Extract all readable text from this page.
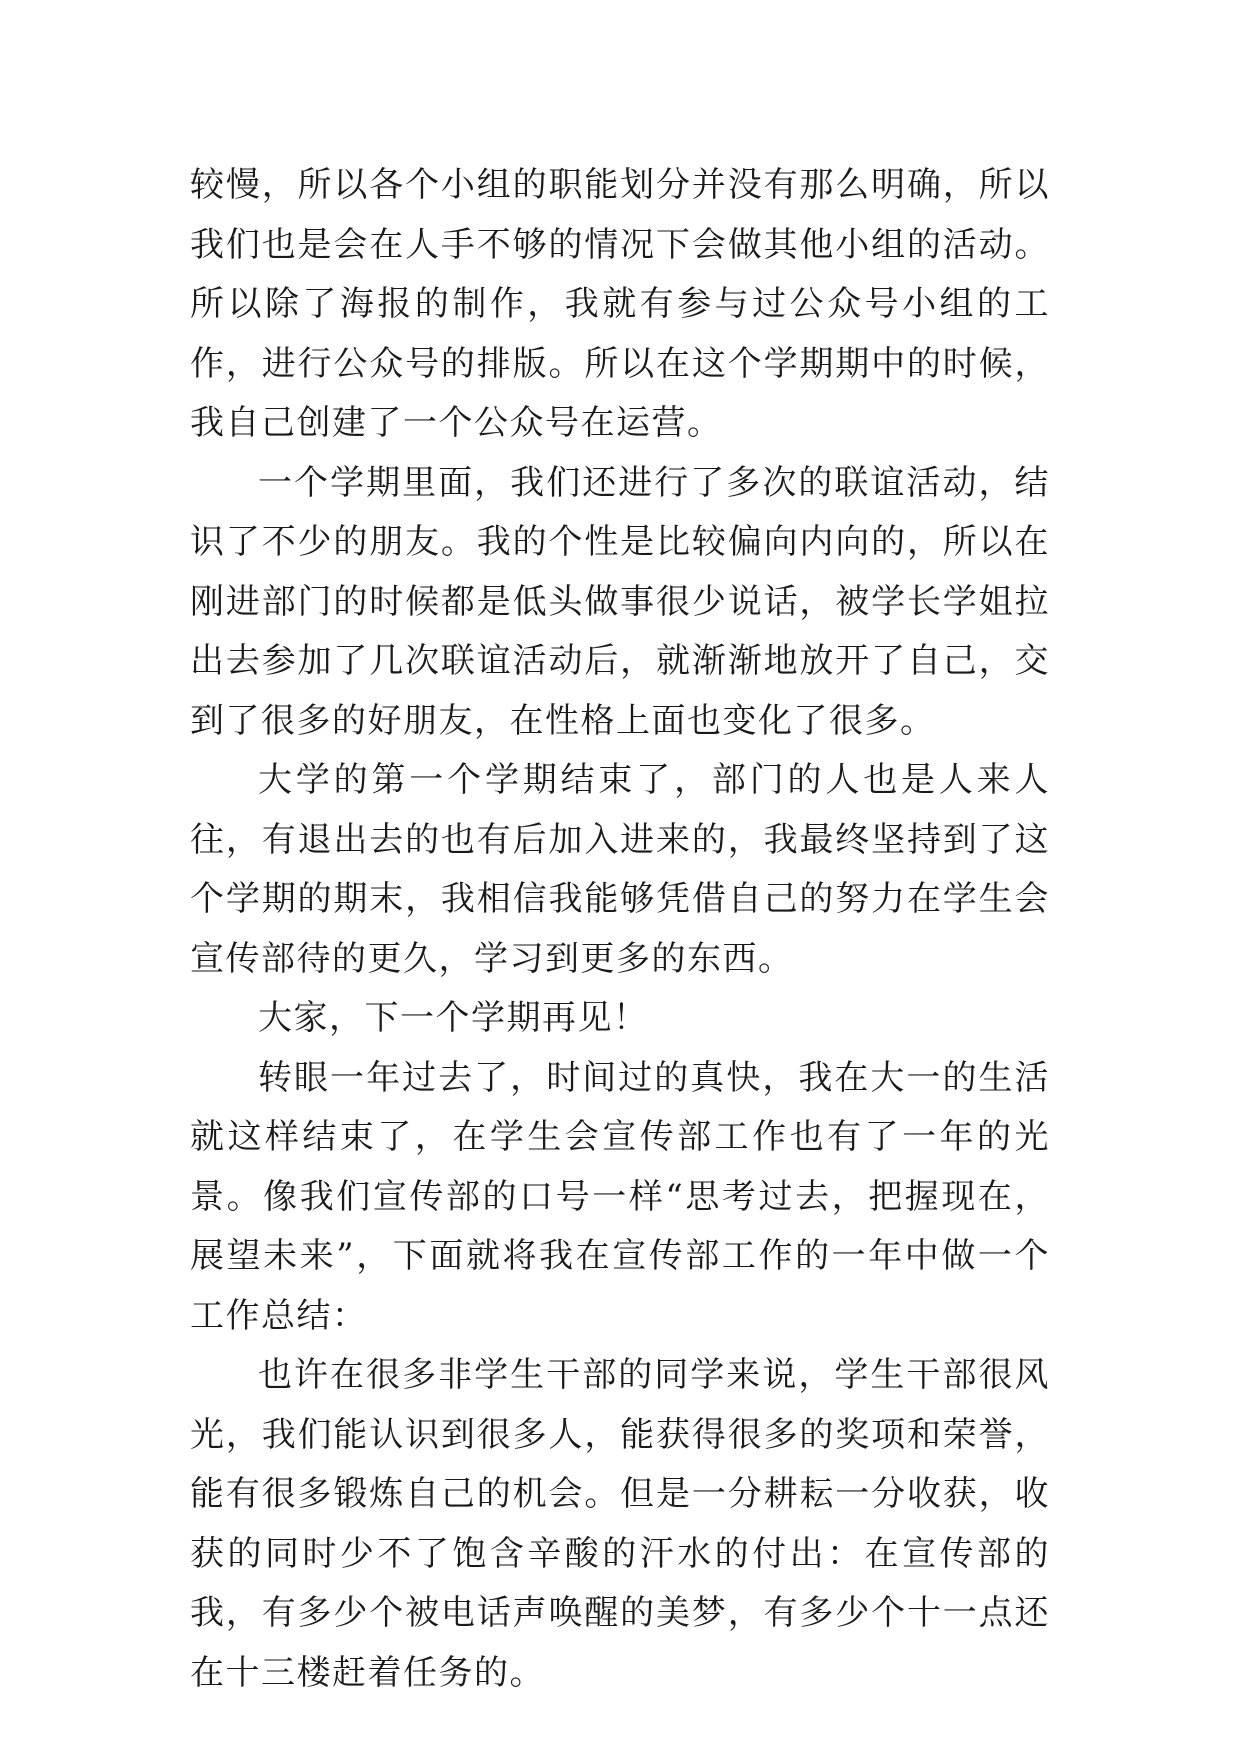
较慢，所以各个小组的职能划分并没有那么明确，所以我们也是会在人手不够的情况下会做其他小组的活动。所以除了海报的制作，我就有参与过公众号小组的工作，进行公众号的排版。所以在这个学期期中的时候，我自己创建了一个公众号在运营。

一个学期里面，我们还进行了多次的联谊活动，结识了不少的朋友。我的个性是比较偏向内向的，所以在刚进部门的时候都是低头做事很少说话，被学长学姐拉出去参加了几次联谊活动后，就渐渐地放开了自己，交到了很多的好朋友，在性格上面也变化了很多。

大学的第一个学期结束了，部门的人也是人来人往，有退出去的也有后加入进来的，我最终坚持到了这个学期的期末，我相信我能够凭借自己的努力在学生会宣传部待的更久，学习到更多的东西。

大家，下一个学期再见！

转眼一年过去了，时间过的真快，我在大一的生活就这样结束了，在学生会宣传部工作也有了一年的光景。像我们宣传部的口号一样“思考过去，把握现在，展望未来”，下面就将我在宣传部工作的一年中做一个工作总结：

也许在很多非学生干部的同学来说，学生干部很风光，我们能认识到很多人，能获得很多的奖项和荣誉，能有很多锻炼自己的机会。但是一分耕耘一分收获，收获的同时少不了饱含辛酸的汗水的付出：在宣传部的我，有多少个被电话声唤醒的美梦，有多少个十一点还在十三楼赶着任务的。
